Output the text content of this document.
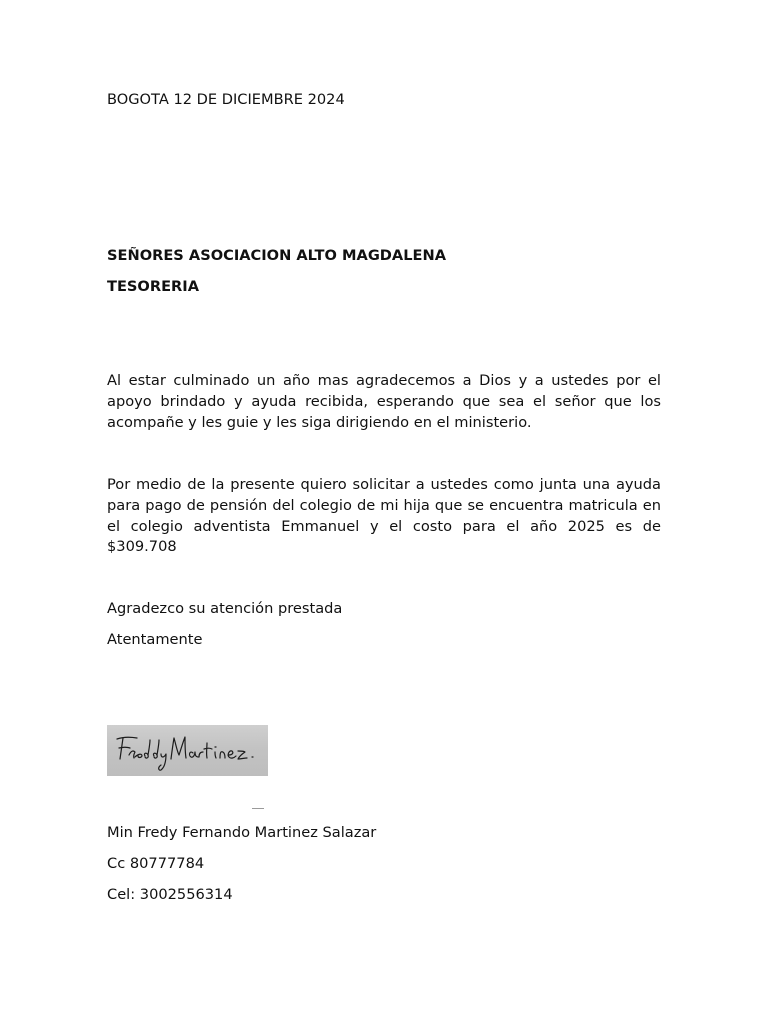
BOGOTA 12 DE DICIEMBRE 2024

SEÑORES ASOCIACION ALTO MAGDALENA

TESORERIA

Al estar culminado un año mas agradecemos a Dios y a ustedes por el apoyo brindado y ayuda recibida, esperando que sea el señor que los acompañe y les guie y les siga dirigiendo en el ministerio.

Por medio de la presente quiero solicitar a ustedes como junta una ayuda para pago de pensión del colegio de mi hija que se encuentra matricula en el colegio adventista Emmanuel y el costo para el año 2025 es de $309.708

Agradezco su atención prestada

Atentamente

Min Fredy Fernando Martinez Salazar

Cc 80777784

Cel: 3002556314
